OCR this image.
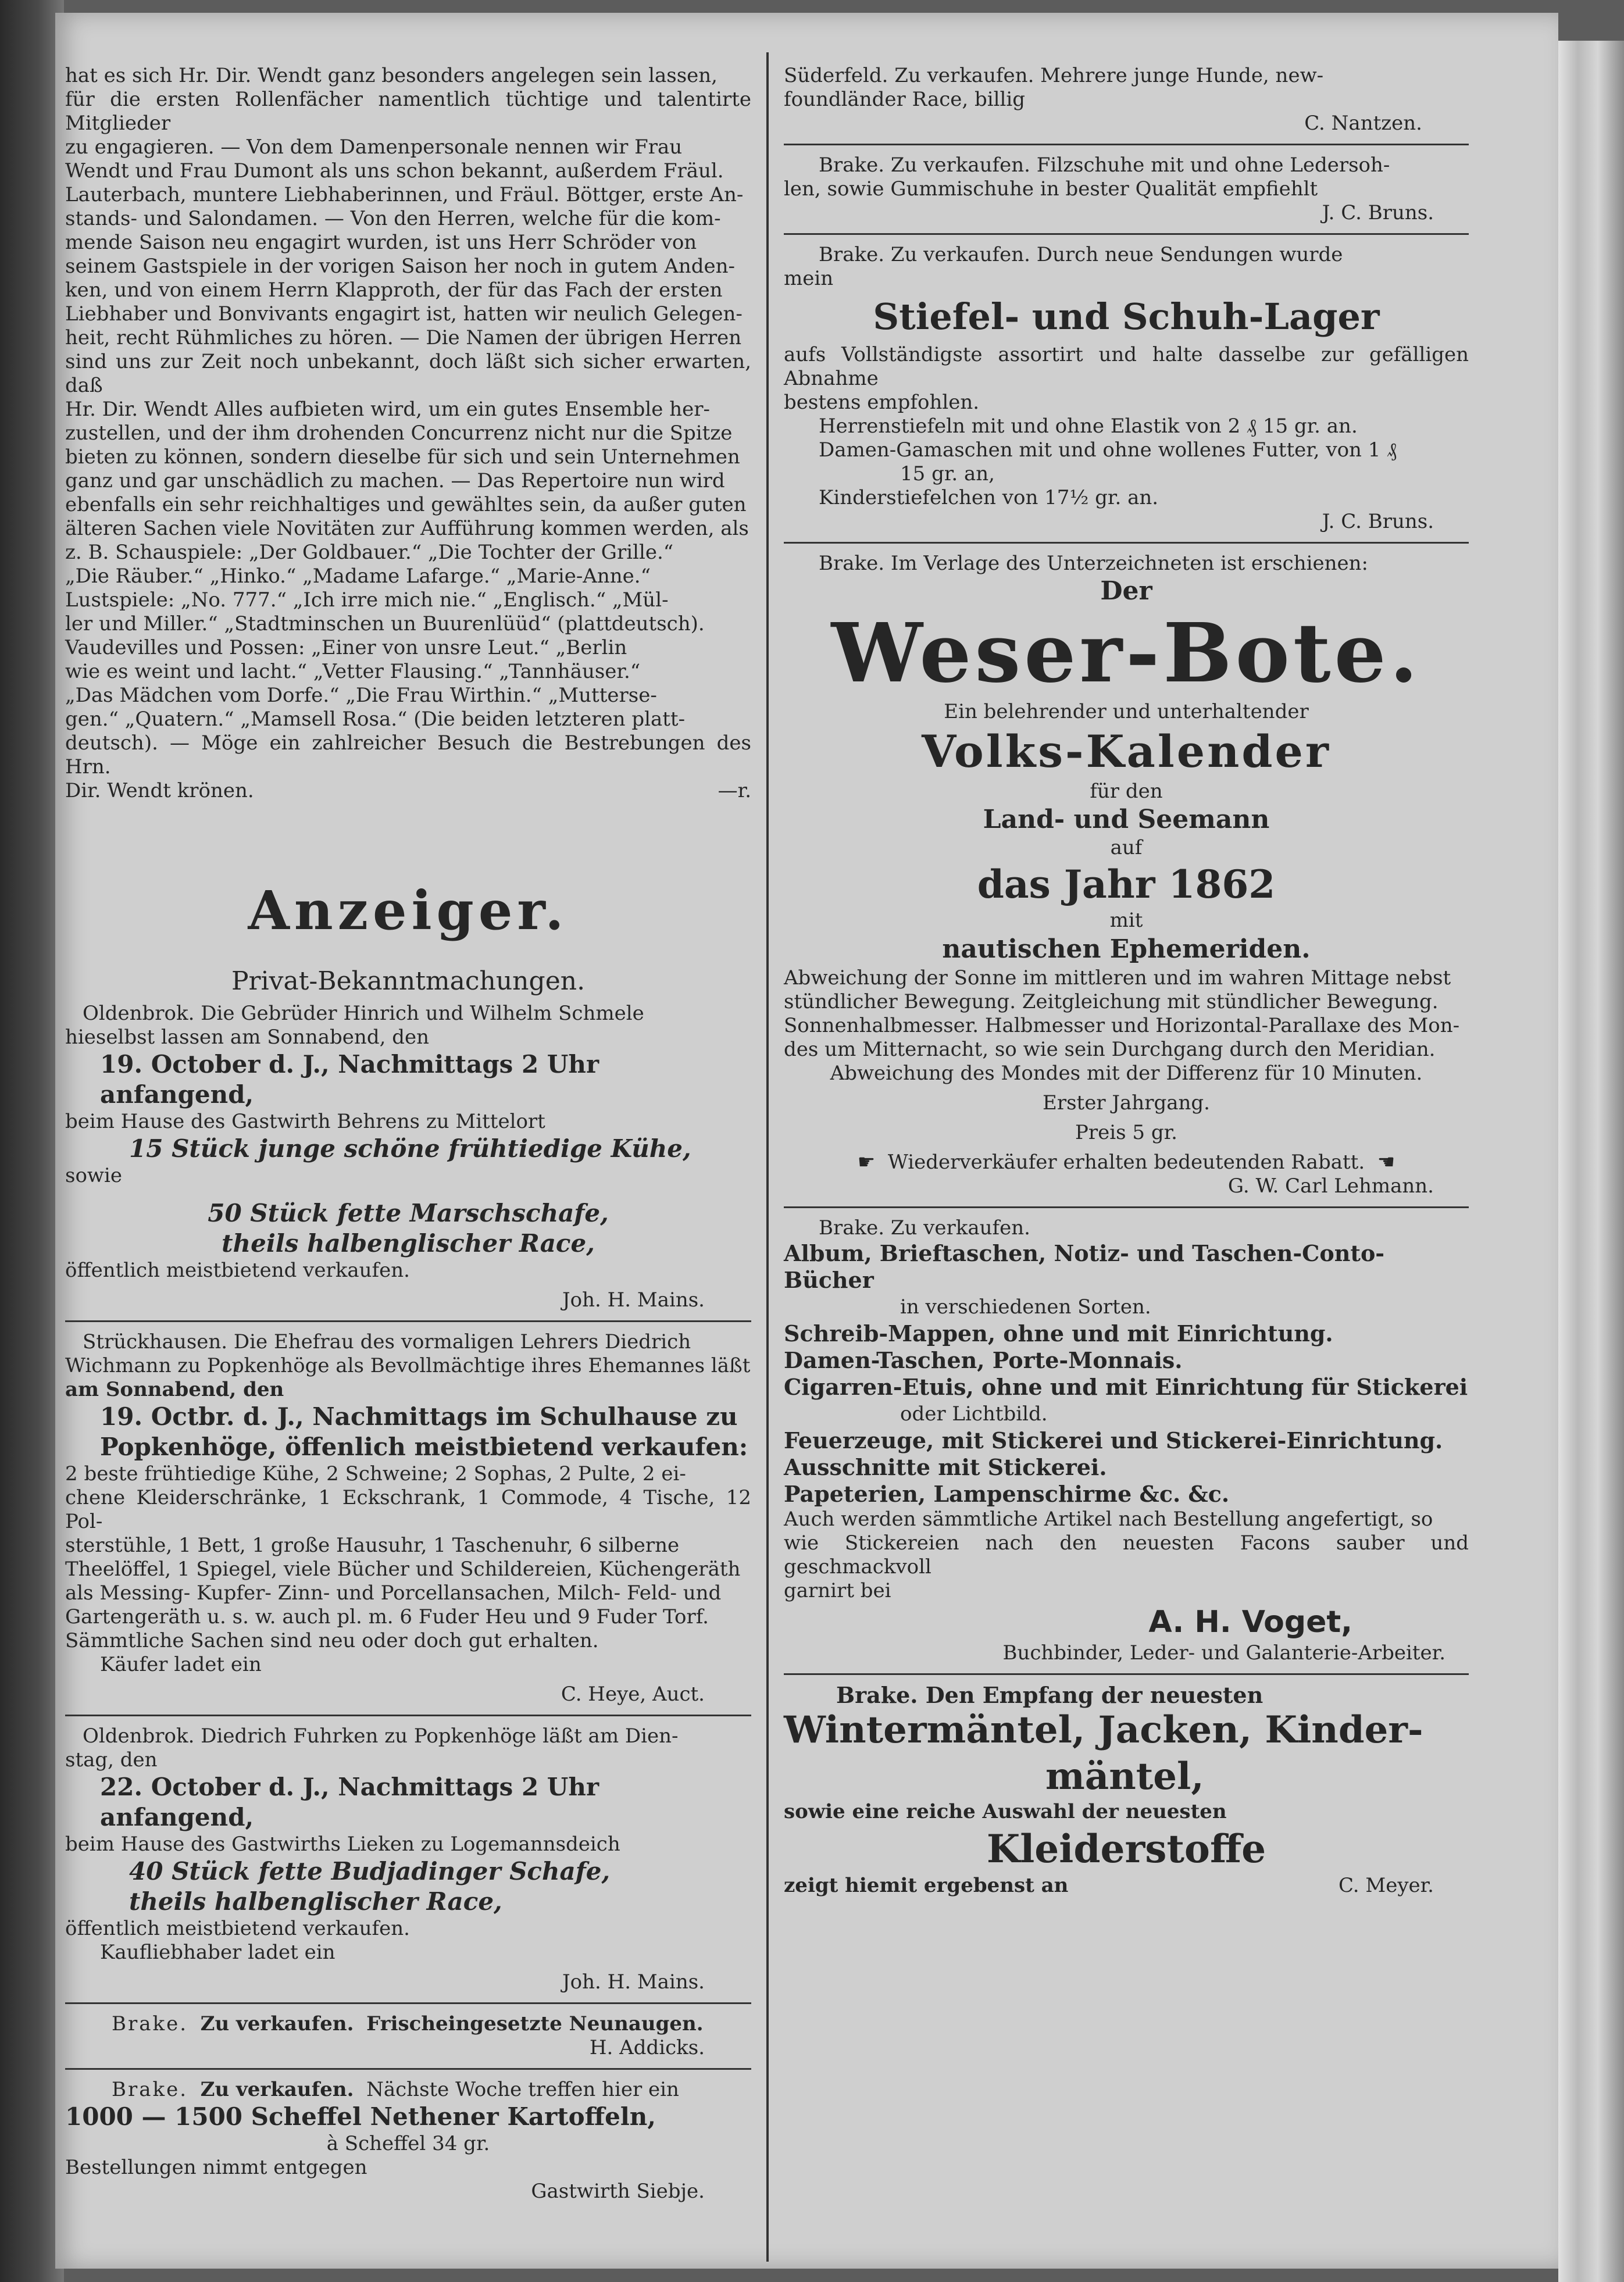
hat es sich Hr. Dir. Wendt ganz besonders angelegen sein lassen,

für die ersten Rollenfächer namentlich tüchtige und talentirte Mitglieder

zu engagieren. — Von dem Damenpersonale nennen wir Frau

Wendt und Frau Dumont als uns schon bekannt, außerdem Fräul.

Lauterbach, muntere Liebhaberinnen, und Fräul. Böttger, erste An-

stands- und Salondamen. — Von den Herren, welche für die kom-

mende Saison neu engagirt wurden, ist uns Herr Schröder von

seinem Gastspiele in der vorigen Saison her noch in gutem Anden-

ken, und von einem Herrn Klapproth, der für das Fach der ersten

Liebhaber und Bonvivants engagirt ist, hatten wir neulich Gelegen-

heit, recht Rühmliches zu hören. — Die Namen der übrigen Herren

sind uns zur Zeit noch unbekannt, doch läßt sich sicher erwarten, daß

Hr. Dir. Wendt Alles aufbieten wird, um ein gutes Ensemble her-

zustellen, und der ihm drohenden Concurrenz nicht nur die Spitze

bieten zu können, sondern dieselbe für sich und sein Unternehmen

ganz und gar unschädlich zu machen. — Das Repertoire nun wird

ebenfalls ein sehr reichhaltiges und gewähltes sein, da außer guten

älteren Sachen viele Novitäten zur Aufführung kommen werden, als

z. B. Schauspiele: „Der Goldbauer.“ „Die Tochter der Grille.“

„Die Räuber.“ „Hinko.“ „Madame Lafarge.“ „Marie-Anne.“

Lustspiele: „No. 777.“ „Ich irre mich nie.“ „Englisch.“ „Mül-

ler und Miller.“ „Stadtminschen un Buurenlüüd“ (plattdeutsch).

Vaudevilles und Possen: „Einer von unsre Leut.“ „Berlin

wie es weint und lacht.“ „Vetter Flausing.“ „Tannhäuser.“

„Das Mädchen vom Dorfe.“ „Die Frau Wirthin.“ „Mutterse-

gen.“ „Quatern.“ „Mamsell Rosa.“ (Die beiden letzteren platt-

deutsch). — Möge ein zahlreicher Besuch die Bestrebungen des Hrn.

Dir. Wendt krönen.	—r.
Anzeiger.
Privat-Bekanntmachungen.

Oldenbrok. Die Gebrüder Hinrich und Wilhelm Schmele

hieselbst lassen am Sonnabend, den

19. October d. J., Nachmittags 2 Uhr anfangend,

beim Hause des Gastwirth Behrens zu Mittelort

15 Stück junge schöne frühtiedige Kühe,

sowie

50 Stück fette Marschschafe,

theils halbenglischer Race,

öffentlich meistbietend verkaufen.

Joh. H. Mains.

Strückhausen. Die Ehefrau des vormaligen Lehrers Diedrich

Wichmann zu Popkenhöge als Bevollmächtige ihres Ehemannes läßt

am Sonnabend, den

19. Octbr. d. J., Nachmittags im Schulhause zu

Popkenhöge, öffenlich meistbietend verkaufen:

2 beste frühtiedige Kühe, 2 Schweine; 2 Sophas, 2 Pulte, 2 ei-

chene Kleiderschränke, 1 Eckschrank, 1 Commode, 4 Tische, 12 Pol-

sterstühle, 1 Bett, 1 große Hausuhr, 1 Taschenuhr, 6 silberne

Theelöffel, 1 Spiegel, viele Bücher und Schildereien, Küchengeräth

als Messing- Kupfer- Zinn- und Porcellansachen, Milch- Feld- und

Gartengeräth u. s. w. auch pl. m. 6 Fuder Heu und 9 Fuder Torf.

Sämmtliche Sachen sind neu oder doch gut erhalten.

Käufer ladet ein

C. Heye, Auct.

Oldenbrok. Diedrich Fuhrken zu Popkenhöge läßt am Dien-

stag, den

22. October d. J., Nachmittags 2 Uhr anfangend,

beim Hause des Gastwirths Lieken zu Logemannsdeich

40 Stück fette Budjadinger Schafe,

theils halbenglischer Race,

öffentlich meistbietend verkaufen.

Kaufliebhaber ladet ein

Joh. H. Mains.

Brake. Zu verkaufen. Frischeingesetzte Neunaugen.

H. Addicks.

Brake. Zu verkaufen. Nächste Woche treffen hier ein

1000 — 1500 Scheffel Nethener Kartoffeln,

à Scheffel 34 gr.

Bestellungen nimmt entgegen

Gastwirth Siebje.

Süderfeld. Zu verkaufen. Mehrere junge Hunde, new-

foundländer Race, billig

C. Nantzen.

Brake. Zu verkaufen. Filzschuhe mit und ohne Ledersoh-

len, sowie Gummischuhe in bester Qualität empfiehlt

J. C. Bruns.

Brake. Zu verkaufen. Durch neue Sendungen wurde

mein

Stiefel- und Schuh-Lager

aufs Vollständigste assortirt und halte dasselbe zur gefälligen Abnahme

bestens empfohlen.

Herrenstiefeln mit und ohne Elastik von 2 ₰ 15 gr. an.

Damen-Gamaschen mit und ohne wollenes Futter, von 1 ₰

15 gr. an,

Kinderstiefelchen von 17½ gr. an.

J. C. Bruns.

Brake. Im Verlage des Unterzeichneten ist erschienen:

Der

Weser-Bote.

Ein belehrender und unterhaltender

Volks-Kalender

für den

Land- und Seemann

auf

das Jahr 1862

mit

nautischen Ephemeriden.

Abweichung der Sonne im mittleren und im wahren Mittage nebst

stündlicher Bewegung. Zeitgleichung mit stündlicher Bewegung.

Sonnenhalbmesser. Halbmesser und Horizontal-Parallaxe des Mon-

des um Mitternacht, so wie sein Durchgang durch den Meridian.

Abweichung des Mondes mit der Differenz für 10 Minuten.

Erster Jahrgang.

Preis 5 gr.

☛ Wiederverkäufer erhalten bedeutenden Rabatt. ☚

G. W. Carl Lehmann.

Brake. Zu verkaufen.

Album, Brieftaschen, Notiz- und Taschen-Conto-Bücher

in verschiedenen Sorten.

Schreib-Mappen, ohne und mit Einrichtung.

Damen-Taschen, Porte-Monnais.

Cigarren-Etuis, ohne und mit Einrichtung für Stickerei

oder Lichtbild.

Feuerzeuge, mit Stickerei und Stickerei-Einrichtung.

Ausschnitte mit Stickerei.

Papeterien, Lampenschirme &c. &c.

Auch werden sämmtliche Artikel nach Bestellung angefertigt, so

wie Stickereien nach den neuesten Facons sauber und geschmackvoll

garnirt bei

A. H. Voget,

Buchbinder, Leder- und Galanterie-Arbeiter.

Brake. Den Empfang der neuesten

Wintermäntel, Jacken, Kinder-

mäntel,

sowie eine reiche Auswahl der neuesten

Kleiderstoffe

zeigt hiemit ergebenst an	C. Meyer.
